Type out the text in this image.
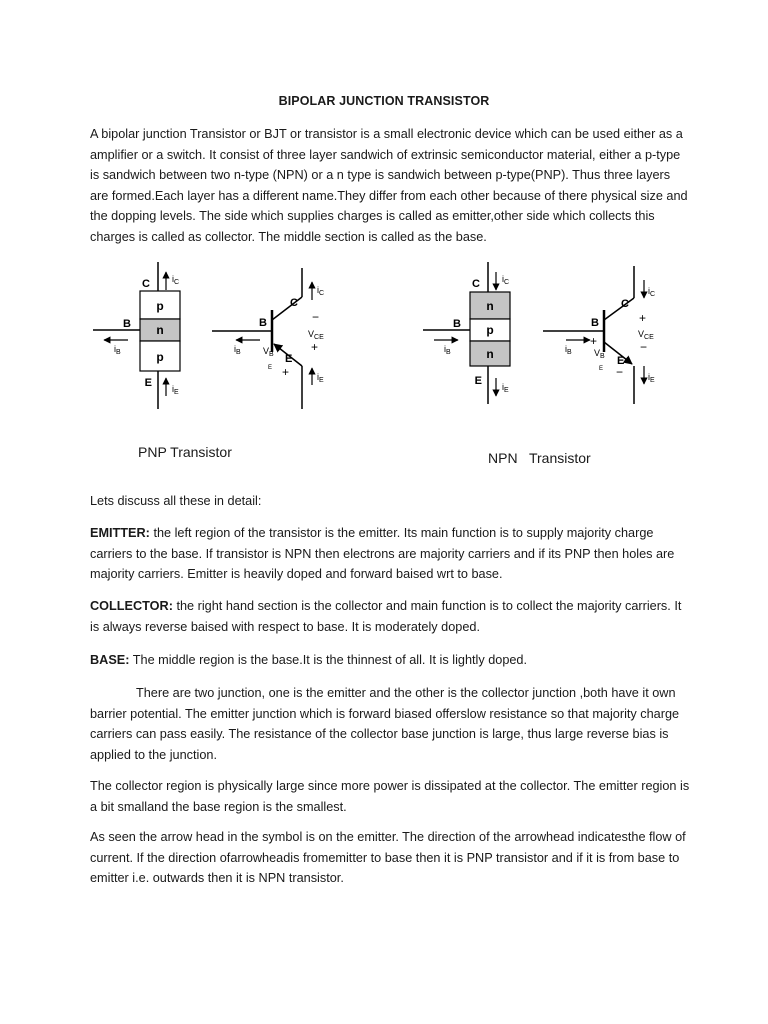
BIPOLAR JUNCTION TRANSISTOR

A bipolar junction Transistor or BJT or transistor is a small electronic device which can be used either as a amplifier or a switch. It consist of three layer sandwich of extrinsic semiconductor material, either a p-type is sandwich between two n-type (NPN) or a n type is sandwich between p-type(PNP). Thus three layers are formed.Each layer has a different name.They differ from each other because of there physical size and the dopping levels. The side which supplies charges is called as emitter,other side which collects this charges is called as collector. The middle section is called as the base.

p
n
p
C
B
E
$i_C$
$i_B$
$i_E$
C
B
E
$i_C$
$i_B$
$i_E$
$V_{CE}$
−
+
$V_B$
E +
n
p
n
C
B
E
$i_C$
$i_B$
$i_E$
C
B
E
$i_C$
$i_B$
$i_E$
$V_{CE}$
+
−
$V_B$
E
+
−
PNP Transistor	NPN   Transistor

Lets discuss all these in detail:

EMITTER: the left region of the transistor is the emitter. Its main function is to supply majority charge carriers to the base. If transistor is NPN then electrons are majority carriers and if its PNP then holes are majority carriers. Emitter is heavily doped and forward baised wrt to base.

COLLECTOR: the right hand section is the collector and main function is to collect the majority carriers. It is always reverse baised with respect to base. It is moderately doped.

BASE: The middle region is the base.It is the thinnest of all. It is lightly doped.

There are two junction, one is the emitter and the other is the collector junction ,both have it own barrier potential. The emitter junction which is forward biased offerslow resistance so that majority charge carriers can pass easily. The resistance of the collector base junction is large, thus large reverse bias is applied to the junction.

The collector region is physically large since more power is dissipated at the collector. The emitter region is a bit smalland the base region is the smallest.

As seen the arrow head in the symbol is on the emitter. The direction of the arrowhead indicatesthe flow of current. If the direction ofarrowheadis fromemitter to base then it is PNP transistor and if it is from base to emitter i.e. outwards then it is NPN transistor.
